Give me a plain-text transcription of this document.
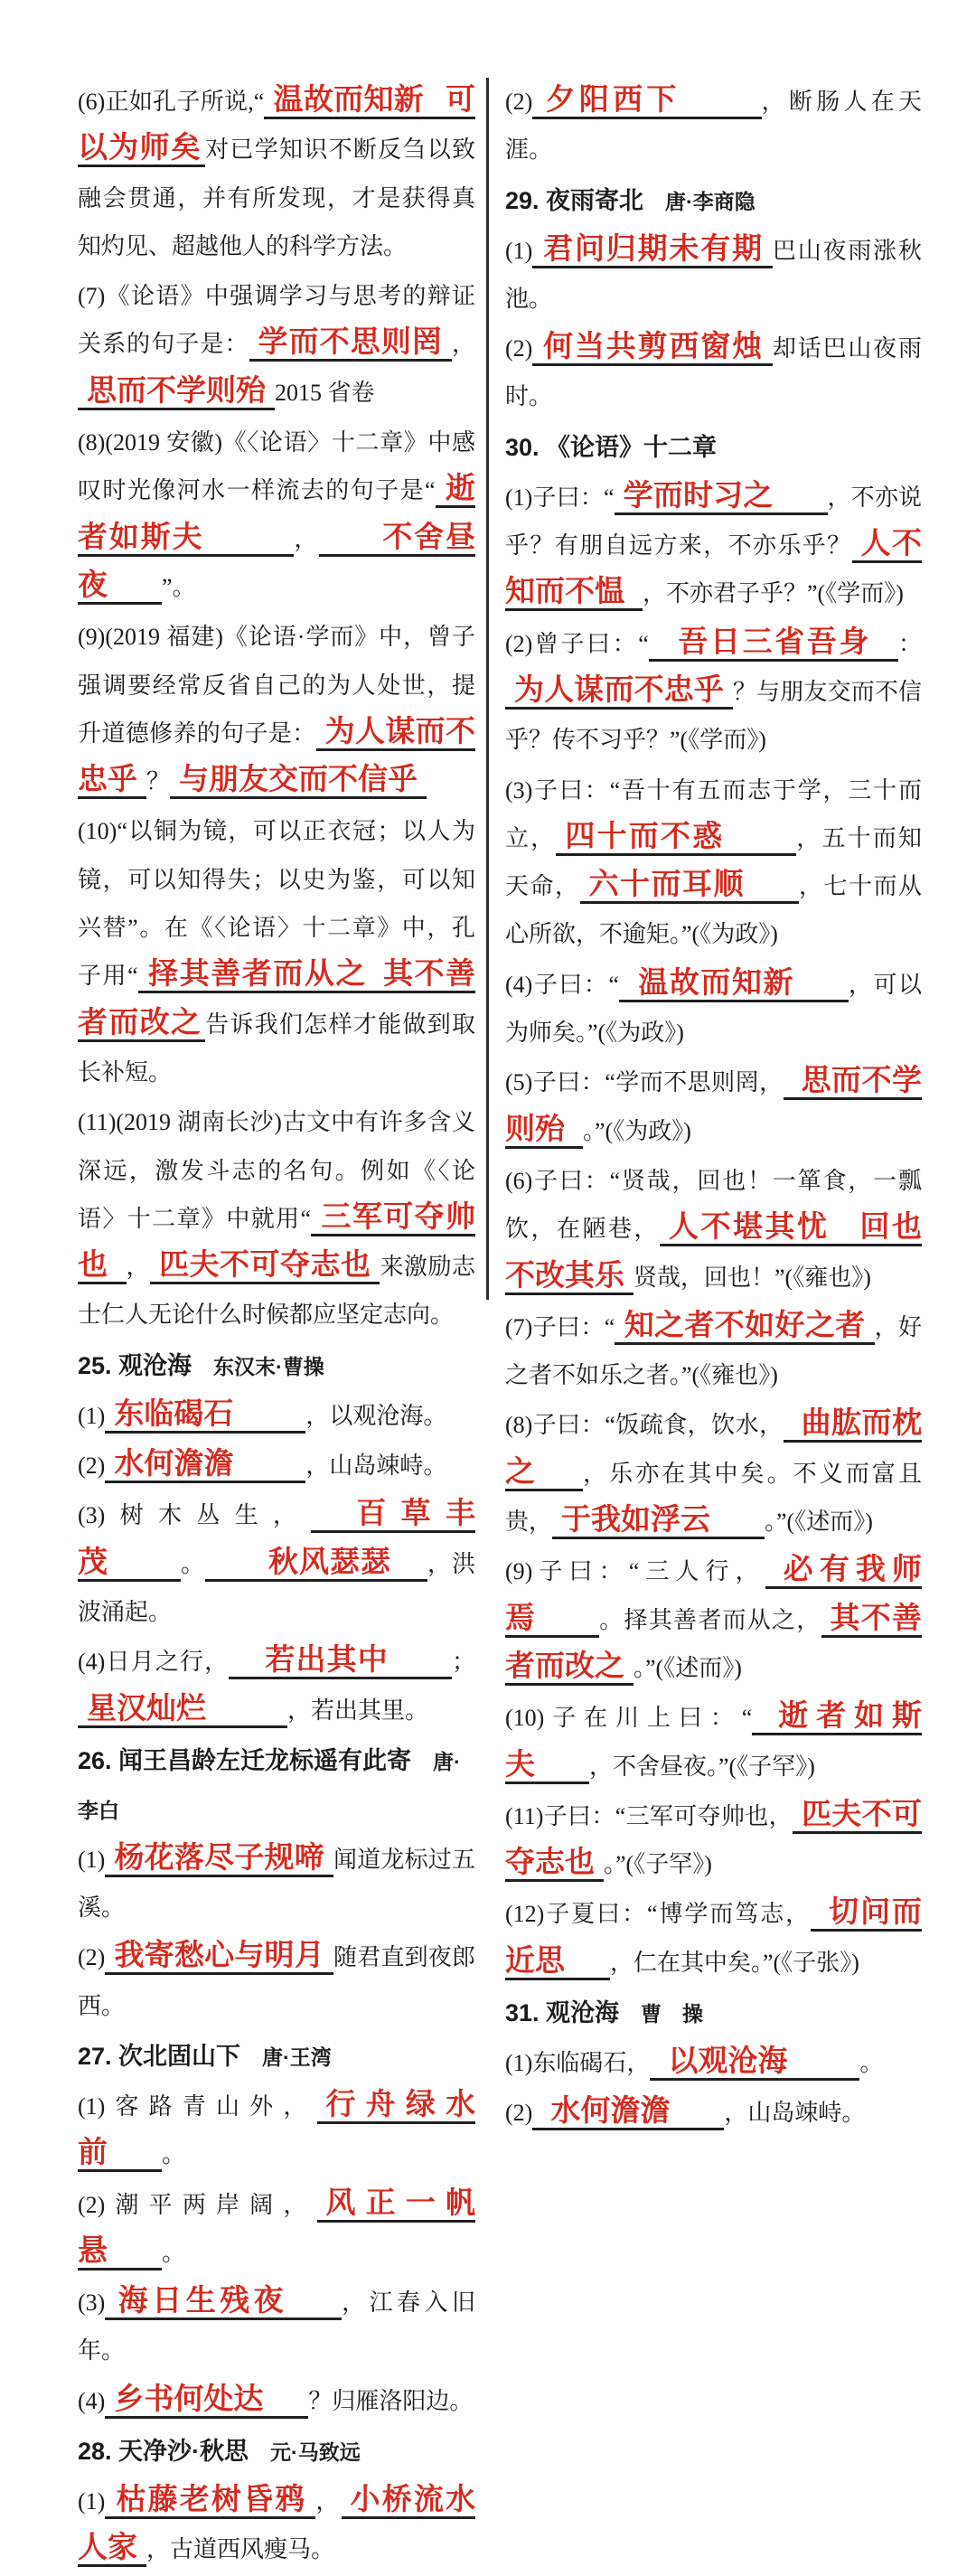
(6)正如孔子所说,“ 温故而知新 可以为师矣 对已学知识不断反刍以致融会贯通，并有所发现，才是获得真知灼见、超越他人的科学方法。
(7)《论语》中强调学习与思考的辩证关系的句子是： 学而不思则罔 ，思而不学则殆 2015 省卷
(8)(2019 安徽)《〈论语〉十二章》中感叹时光像河水一样流去的句子是“ 逝者如斯夫	， 不舍昼夜 ”。
(9)(2019 福建)《论语·学而》中，曾子强调要经常反省自己的为人处世，提升道德修养的句子是： 为人谋而不忠乎 ？ 与朋友交而不信乎
(10)“以铜为镜，可以正衣冠；以人为镜，可以知得失；以史为鉴，可以知兴替”。在《〈论语〉十二章》中，孔子用“ 择其善者而从之 其不善者而改之 告诉我们怎样才能做到取长补短。
(11)(2019 湖南长沙)古文中有许多含义深远，激发斗志的名句。例如《〈论语〉十二章》中就用“ 三军可夺帅也 ， 匹夫不可夺志也 来激励志士仁人无论什么时候都应坚定志向。
25. 观沧海 东汉末·曹操
(1) 东临碣石	，以观沧海。
(2) 水何澹澹	，山岛竦峙。
(3)树木丛生， 百草丰茂	。 秋风瑟瑟 ，洪波涌起。
(4)日月之行， 若出其中	；星汉灿烂	，若出其里。
26. 闻王昌龄左迁龙标遥有此寄 唐·李白
(1) 杨花落尽子规啼 闻道龙标过五溪。
(2) 我寄愁心与明月 随君直到夜郎西。
27. 次北固山下 唐·王湾
(1)客路青山外， 行舟绿水前 。
(2)潮平两岸阔， 风正一帆悬 。
(3) 海日生残夜 ，江春入旧年。
(4) 乡书何处达 ？归雁洛阳边。
28. 天净沙·秋思 元·马致远
(1) 枯藤老树昏鸦 ， 小桥流水人家 ，古道西风瘦马。
(2) 夕阳西下	，断肠人在天涯。
29. 夜雨寄北 唐·李商隐
(1) 君问归期未有期 巴山夜雨涨秋池。
(2) 何当共剪西窗烛 却话巴山夜雨时。
30. 《论语》十二章
(1)子曰：“ 学而时习之 ，不亦说乎？有朋自远方来，不亦乐乎？ 人不知而不愠 ，不亦君子乎？”(《学而》)
(2)曾子曰：“ 吾日三省吾身 ：为人谋而不忠乎 ？与朋友交而不信乎？传不习乎？”(《学而》)
(3)子曰：“吾十有五而志于学，三十而立， 四十而不惑	，五十而知天命， 六十而耳顺 ，七十而从心所欲，不逾矩。”(《为政》)
(4)子曰：“ 温故而知新 ，可以为师矣。”(《为政》)
(5)子曰：“学而不思则罔， 思而不学则殆 。”(《为政》)
(6)子曰：“贤哉，回也！一箪食，一瓢饮，在陋巷， 人不堪其忧 回也不改其乐 贤哉，回也！”(《雍也》)
(7)子曰：“ 知之者不如好之者 ，好之者不如乐之者。”(《雍也》)
(8)子曰：“饭疏食，饮水， 曲肱而枕之 ，乐亦在其中矣。不义而富且贵， 于我如浮云 。”(《述而》)
(9)子曰：“三人行， 必有我师焉	。择其善者而从之， 其不善者而改之 。”(《述而》)
(10)子在川上曰：“ 逝者如斯夫 ，不舍昼夜。”(《子罕》)
(11)子曰：“三军可夺帅也， 匹夫不可夺志也 。”(《子罕》)
(12)子夏曰：“博学而笃志， 切问而近思 ，仁在其中矣。”(《子张》)
31. 观沧海 曹　操
(1)东临碣石， 以观沧海	。
(2) 水何澹澹 ，山岛竦峙。
